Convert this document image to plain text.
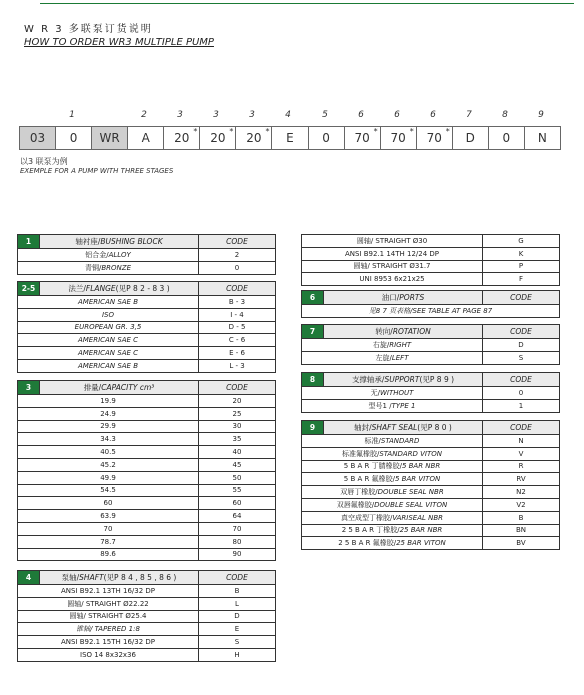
W R 3 多联泵订货说明
HOW TO ORDER WR3 MULTIPLE PUMP
1	2	3	3	3	4	5	6	6	6	7	8	9
03 0 WR A 20 * 20 * 20 * E 0 70 * 70 * 70 * D 0 N
以3 联泵为例
EXEMPLE FOR A PUMP WITH THREE STAGES
1	轴衬座/BUSHING BLOCK	CODE
铝合金/ALLOY		2
青铜/BRONZE		0
2-5	法兰/FLANGE(见P 8 2 - 8 3 )	CODE
AMERICAN SAE B		B - 3
ISO		I - 4
EUROPEAN GR. 3,5		D - 5
AMERICAN SAE C		C - 6
AMERICAN SAE C		E - 6
AMERICAN SAE B		L - 3
3	排量/CAPACITY cm³	CODE
19.9		20
24.9		25
29.9		30
34.3		35
40.5		40
45.2		45
49.9		50
54.5		55
60		60
63.9		64
70		70
78.7		80
89.6		90
4	泵轴/SHAFT(见P 8 4 , 8 5 , 8 6 )	CODE
ANSI B92.1 13TH 16/32 DP		B
圆轴/ STRAIGHT Ø22.22		L
圆轴/ STRAIGHT Ø25.4		D
锥轴/ TAPERED 1:8		E
ANSI B92.1 15TH 16/32 DP		S
ISO 14 8x32x36		H
圆轴/ STRAIGHT Ø30	G
ANSI B92.1 14TH 12/24 DP	K
圆轴/ STRAIGHT Ø31.7	P
UNI 8953 6x21x25	F
6	油口/PORTS	CODE
见8 7 页表格/SEE TABLE AT PAGE 87
7	转向/ROTATION	CODE
右旋/RIGHT		D
左旋/LEFT		S
8	支撑轴承/SUPPORT(见P 8 9 )	CODE
无/WITHOUT		0
型号1 /TYPE 1		1
9	轴封/SHAFT SEAL(见P 8 0 )	CODE
标准/STANDARD		N
标准氟橡胶/STANDARD VITON		V
5 B A R 丁腈橡胶/5 BAR NBR		R
5 B A R 氟橡胶/5 BAR VITON		RV
双唇丁橡胶/DOUBLE SEAL NBR		N2
双唇氟橡胶/DOUBLE SEAL VITON		V2
真空成型丁橡胶/VARISEAL NBR		B
2 5 B A R 丁橡胶/25 BAR NBR		BN
2 5 B A R 氟橡胶/25 BAR VITON		BV
